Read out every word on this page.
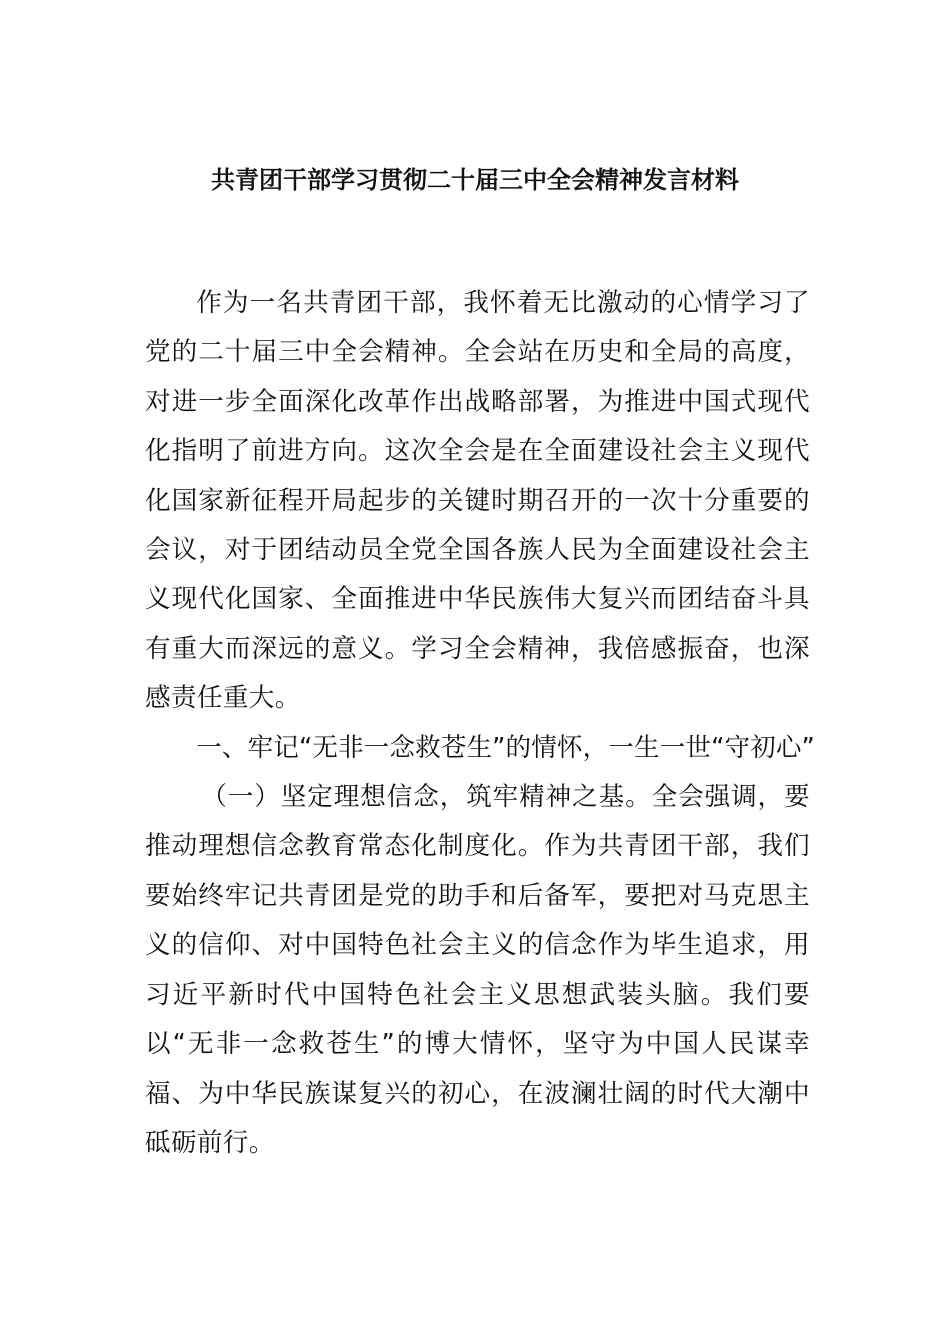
共青团干部学习贯彻二十届三中全会精神发言材料

作为一名共青团干部，我怀着无比激动的心情学习了党的二十届三中全会精神。全会站在历史和全局的高度，对进一步全面深化改革作出战略部署，为推进中国式现代化指明了前进方向。这次全会是在全面建设社会主义现代化国家新征程开局起步的关键时期召开的一次十分重要的会议，对于团结动员全党全国各族人民为全面建设社会主义现代化国家、全面推进中华民族伟大复兴而团结奋斗具有重大而深远的意义。学习全会精神，我倍感振奋，也深感责任重大。

一、牢记“无非一念救苍生”的情怀，一生一世“守初心”

（一）坚定理想信念，筑牢精神之基。全会强调，要推动理想信念教育常态化制度化。作为共青团干部，我们要始终牢记共青团是党的助手和后备军，要把对马克思主义的信仰、对中国特色社会主义的信念作为毕生追求，用习近平新时代中国特色社会主义思想武装头脑。我们要以“无非一念救苍生”的博大情怀，坚守为中国人民谋幸福、为中华民族谋复兴的初心，在波澜壮阔的时代大潮中砥砺前行。
